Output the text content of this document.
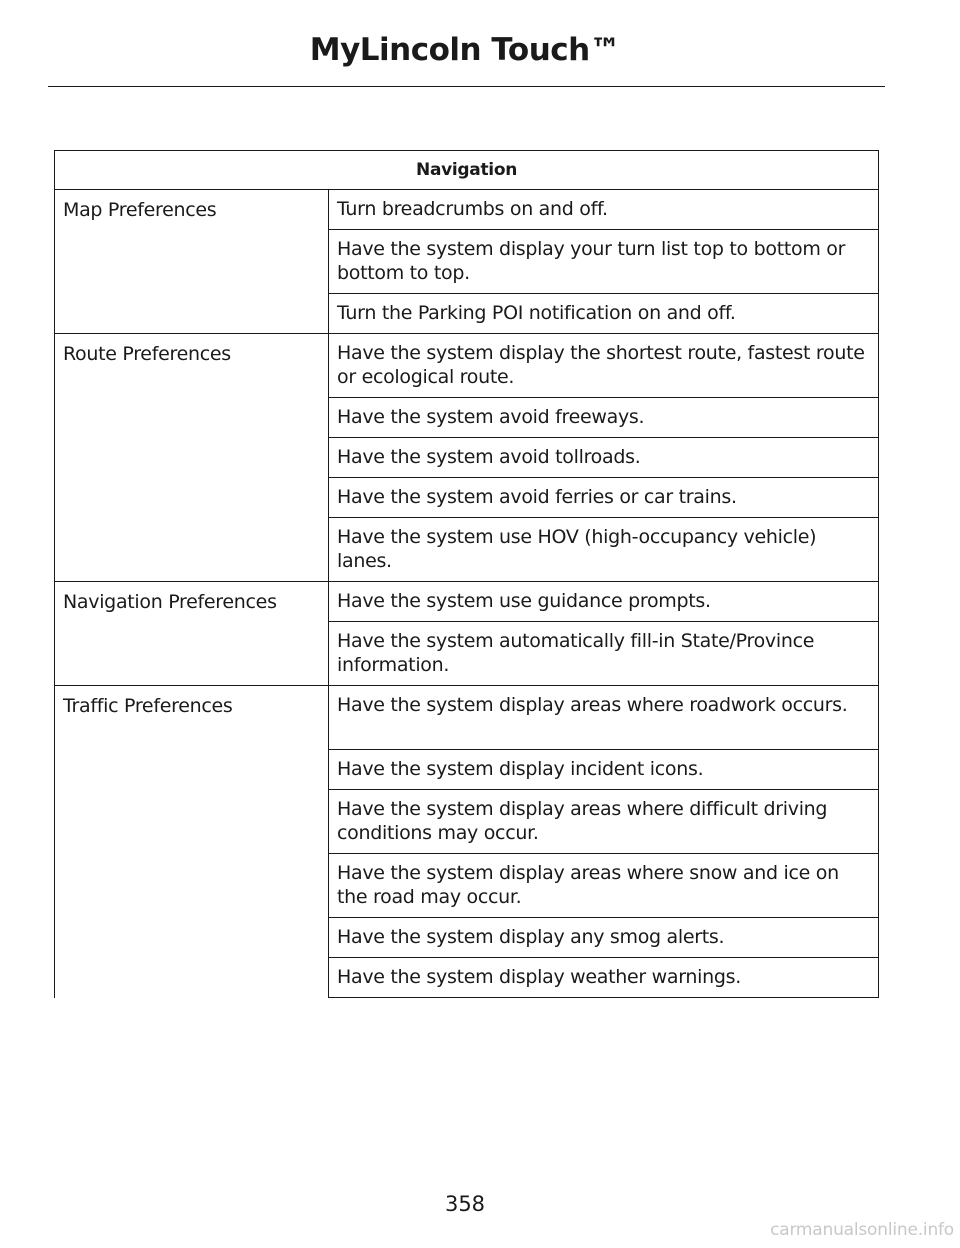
MyLincoln Touch™
Navigation	
Map Preferences	Turn breadcrumbs on and off.
	Have the system display your turn list top to bottom or bottom to top.
	Turn the Parking POI notification on and off.
Route Preferences	Have the system display the shortest route, fastest route or ecological route.
	Have the system avoid freeways.
	Have the system avoid tollroads.
	Have the system avoid ferries or car trains.
	Have the system use HOV (high-occupancy vehicle) lanes.
Navigation Preferences	Have the system use guidance prompts.
	Have the system automatically fill-in State/Province information.
Traffic Preferences	Have the system display areas where roadwork occurs.
	Have the system display incident icons.
	Have the system display areas where difficult driving conditions may occur.
	Have the system display areas where snow and ice on the road may occur.
	Have the system display any smog alerts.
	Have the system display weather warnings.
358
carmanualsonline.info
